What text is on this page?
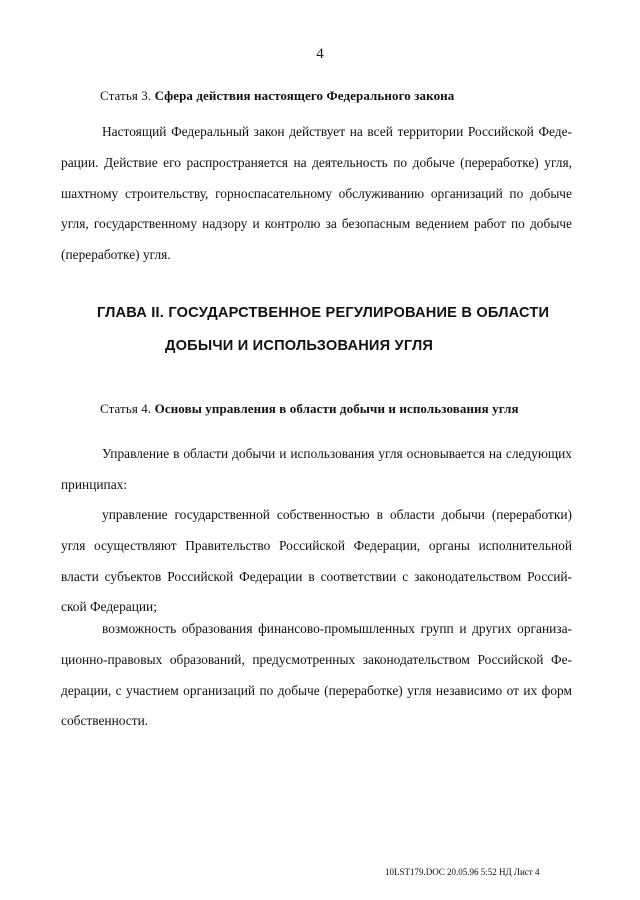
4
Статья 3. Сфера действия настоящего Федерального закона
Настоящий Федеральный закон действует на всей территории Российской Феде-
рации. Действие его распространяется на деятельность по добыче (переработке) угля,
шахтному строительству, горноспасательному обслуживанию организаций по добыче
угля, государственному надзору и контролю за безопасным ведением работ по добыче
(переработке) угля.
ГЛАВА II. ГОСУДАРСТВЕННОЕ РЕГУЛИРОВАНИЕ В ОБЛАСТИ
ДОБЫЧИ И ИСПОЛЬЗОВАНИЯ УГЛЯ
Статья 4. Основы управления в области добычи и использования угля
Управление в области добычи и использования угля основывается на следующих
принципах:
управление государственной собственностью в области добычи (переработки)
угля осуществляют Правительство Российской Федерации, органы исполнительной
власти субъектов Российской Федерации в соответствии с законодательством Россий-
ской Федерации;
возможность образования финансово-промышленных групп и других организа-
ционно-правовых образований, предусмотренных законодательством Российской Фе-
дерации, с участием организаций по добыче (переработке) угля независимо от их форм
собственности.
10LST179.DOC 20.05.96 5:52 НД Лист 4
